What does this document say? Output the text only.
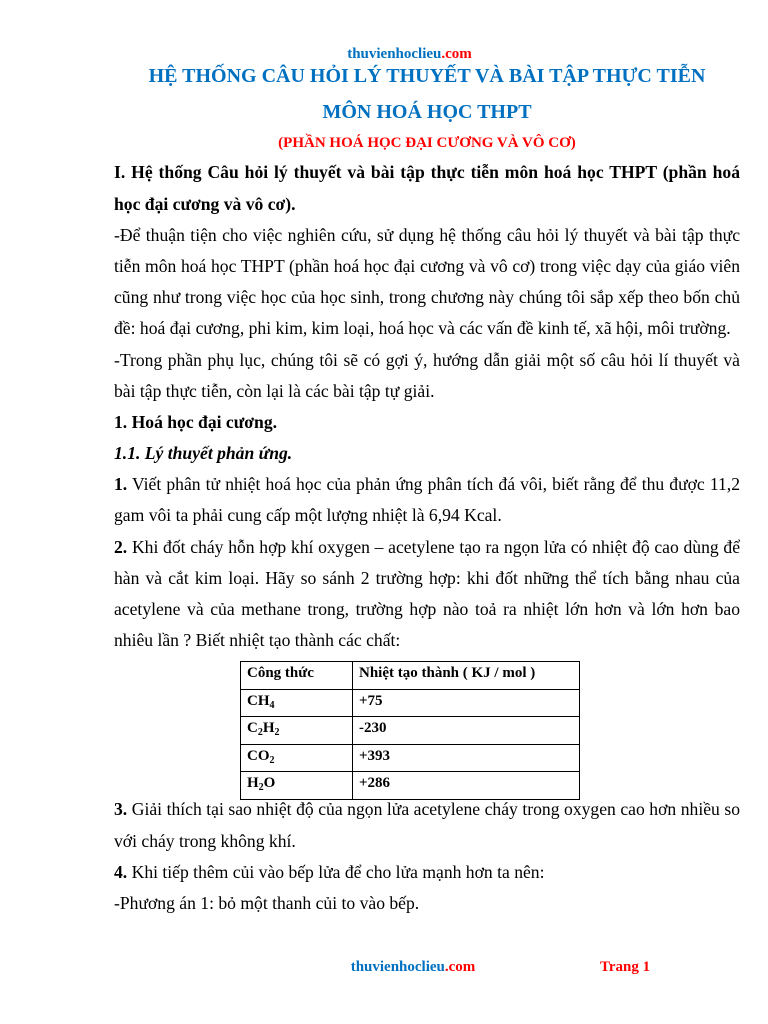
thuvienhoclieu.com
HỆ THỐNG CÂU HỎI LÝ THUYẾT VÀ BÀI TẬP THỰC TIỄN
MÔN HOÁ HỌC THPT
(PHẦN HOÁ HỌC ĐẠI CƯƠNG VÀ VÔ CƠ)
I. Hệ thống Câu hỏi lý thuyết và bài tập thực tiễn môn hoá học THPT (phần hoá
học đại cương và vô cơ).
-Để thuận tiện cho việc nghiên cứu, sử dụng hệ thống câu hỏi lý thuyết và bài tập thực
tiễn môn hoá học THPT (phần hoá học đại cương và vô cơ) trong việc dạy của giáo viên
cũng như trong việc học của học sinh, trong chương này chúng tôi sắp xếp theo bốn chủ
đề: hoá đại cương, phi kim, kim loại, hoá học và các vấn đề kinh tế, xã hội, môi trường.
-Trong phần phụ lục, chúng tôi sẽ có gợi ý, hướng dẫn giải một số câu hỏi lí thuyết và
bài tập thực tiễn, còn lại là các bài tập tự giải.
1. Hoá học đại cương.
1.1. Lý thuyết phản ứng.
1. Viết phân tử nhiệt hoá học của phản ứng phân tích đá vôi, biết rằng để thu được 11,2
gam vôi ta phải cung cấp một lượng nhiệt là 6,94 Kcal.
2. Khi đốt cháy hỗn hợp khí oxygen – acetylene tạo ra ngọn lửa có nhiệt độ cao dùng để
hàn và cắt kim loại. Hãy so sánh 2 trường hợp: khi đốt những thể tích bằng nhau của
acetylene và của methane trong, trường hợp nào toả ra nhiệt lớn hơn và lớn hơn bao
nhiêu lần ? Biết nhiệt tạo thành các chất:
Công thức	Nhiệt tạo thành ( KJ / mol )
$CH_4$	+75
$C_2H_2$	-230
$CO_2$	+393
$H_2O$	+286
3. Giải thích tại sao nhiệt độ của ngọn lửa acetylene cháy trong oxygen cao hơn nhiều so
với cháy trong không khí.
4. Khi tiếp thêm củi vào bếp lửa để cho lửa mạnh hơn ta nên:
-Phương án 1: bỏ một thanh củi to vào bếp.
thuvienhoclieu.com	Trang 1
